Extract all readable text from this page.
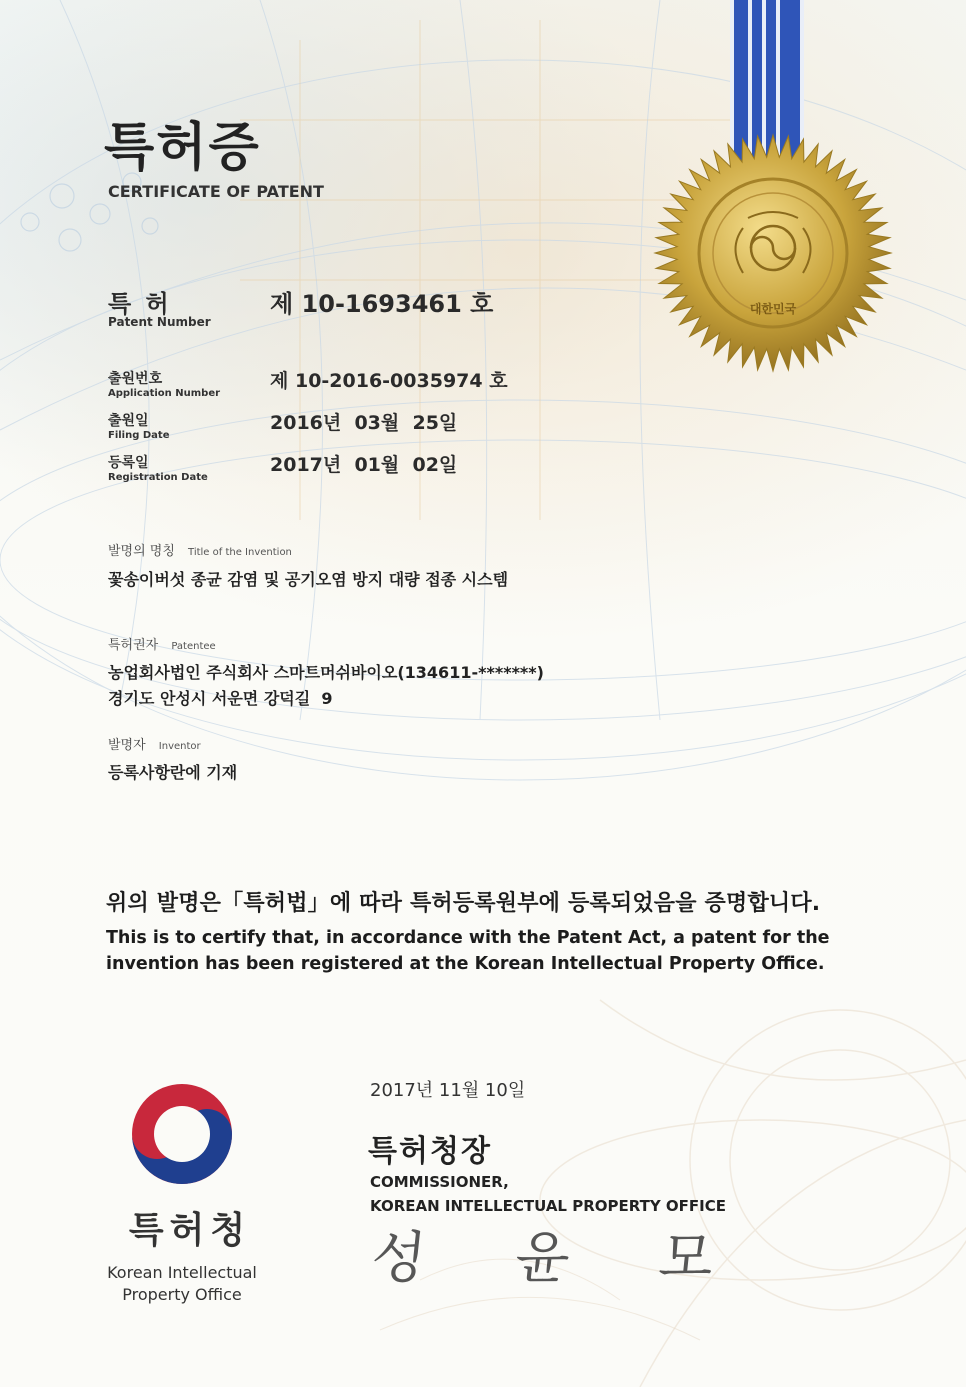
대한민국
특허증
CERTIFICATE OF PATENT
특 허
Patent Number
제 10-1693461 호
출원번호
Application Number
제 10-2016-0035974 호
출원일
Filing Date
2016년  03월  25일
등록일
Registration Date
2017년  01월  02일
발명의 명칭 Title of the Invention
꽃송이버섯 종균 감염 및 공기오염 방지 대량 접종 시스템
특허권자 Patentee
농업회사법인 주식회사 스마트머쉬바이오(134611-*******)
경기도 안성시 서운면 강덕길  9
발명자 Inventor
등록사항란에 기재
위의 발명은「특허법」에 따라 특허등록원부에 등록되었음을 증명합니다.
This is to certify that, in accordance with the Patent Act, a patent for the invention has been registered at the Korean Intellectual Property Office.
특허청
Korean Intellectual Property Office
2017년 11월 10일
특허청장
COMMISSIONER,
KOREAN INTELLECTUAL PROPERTY OFFICE
성 윤 모
